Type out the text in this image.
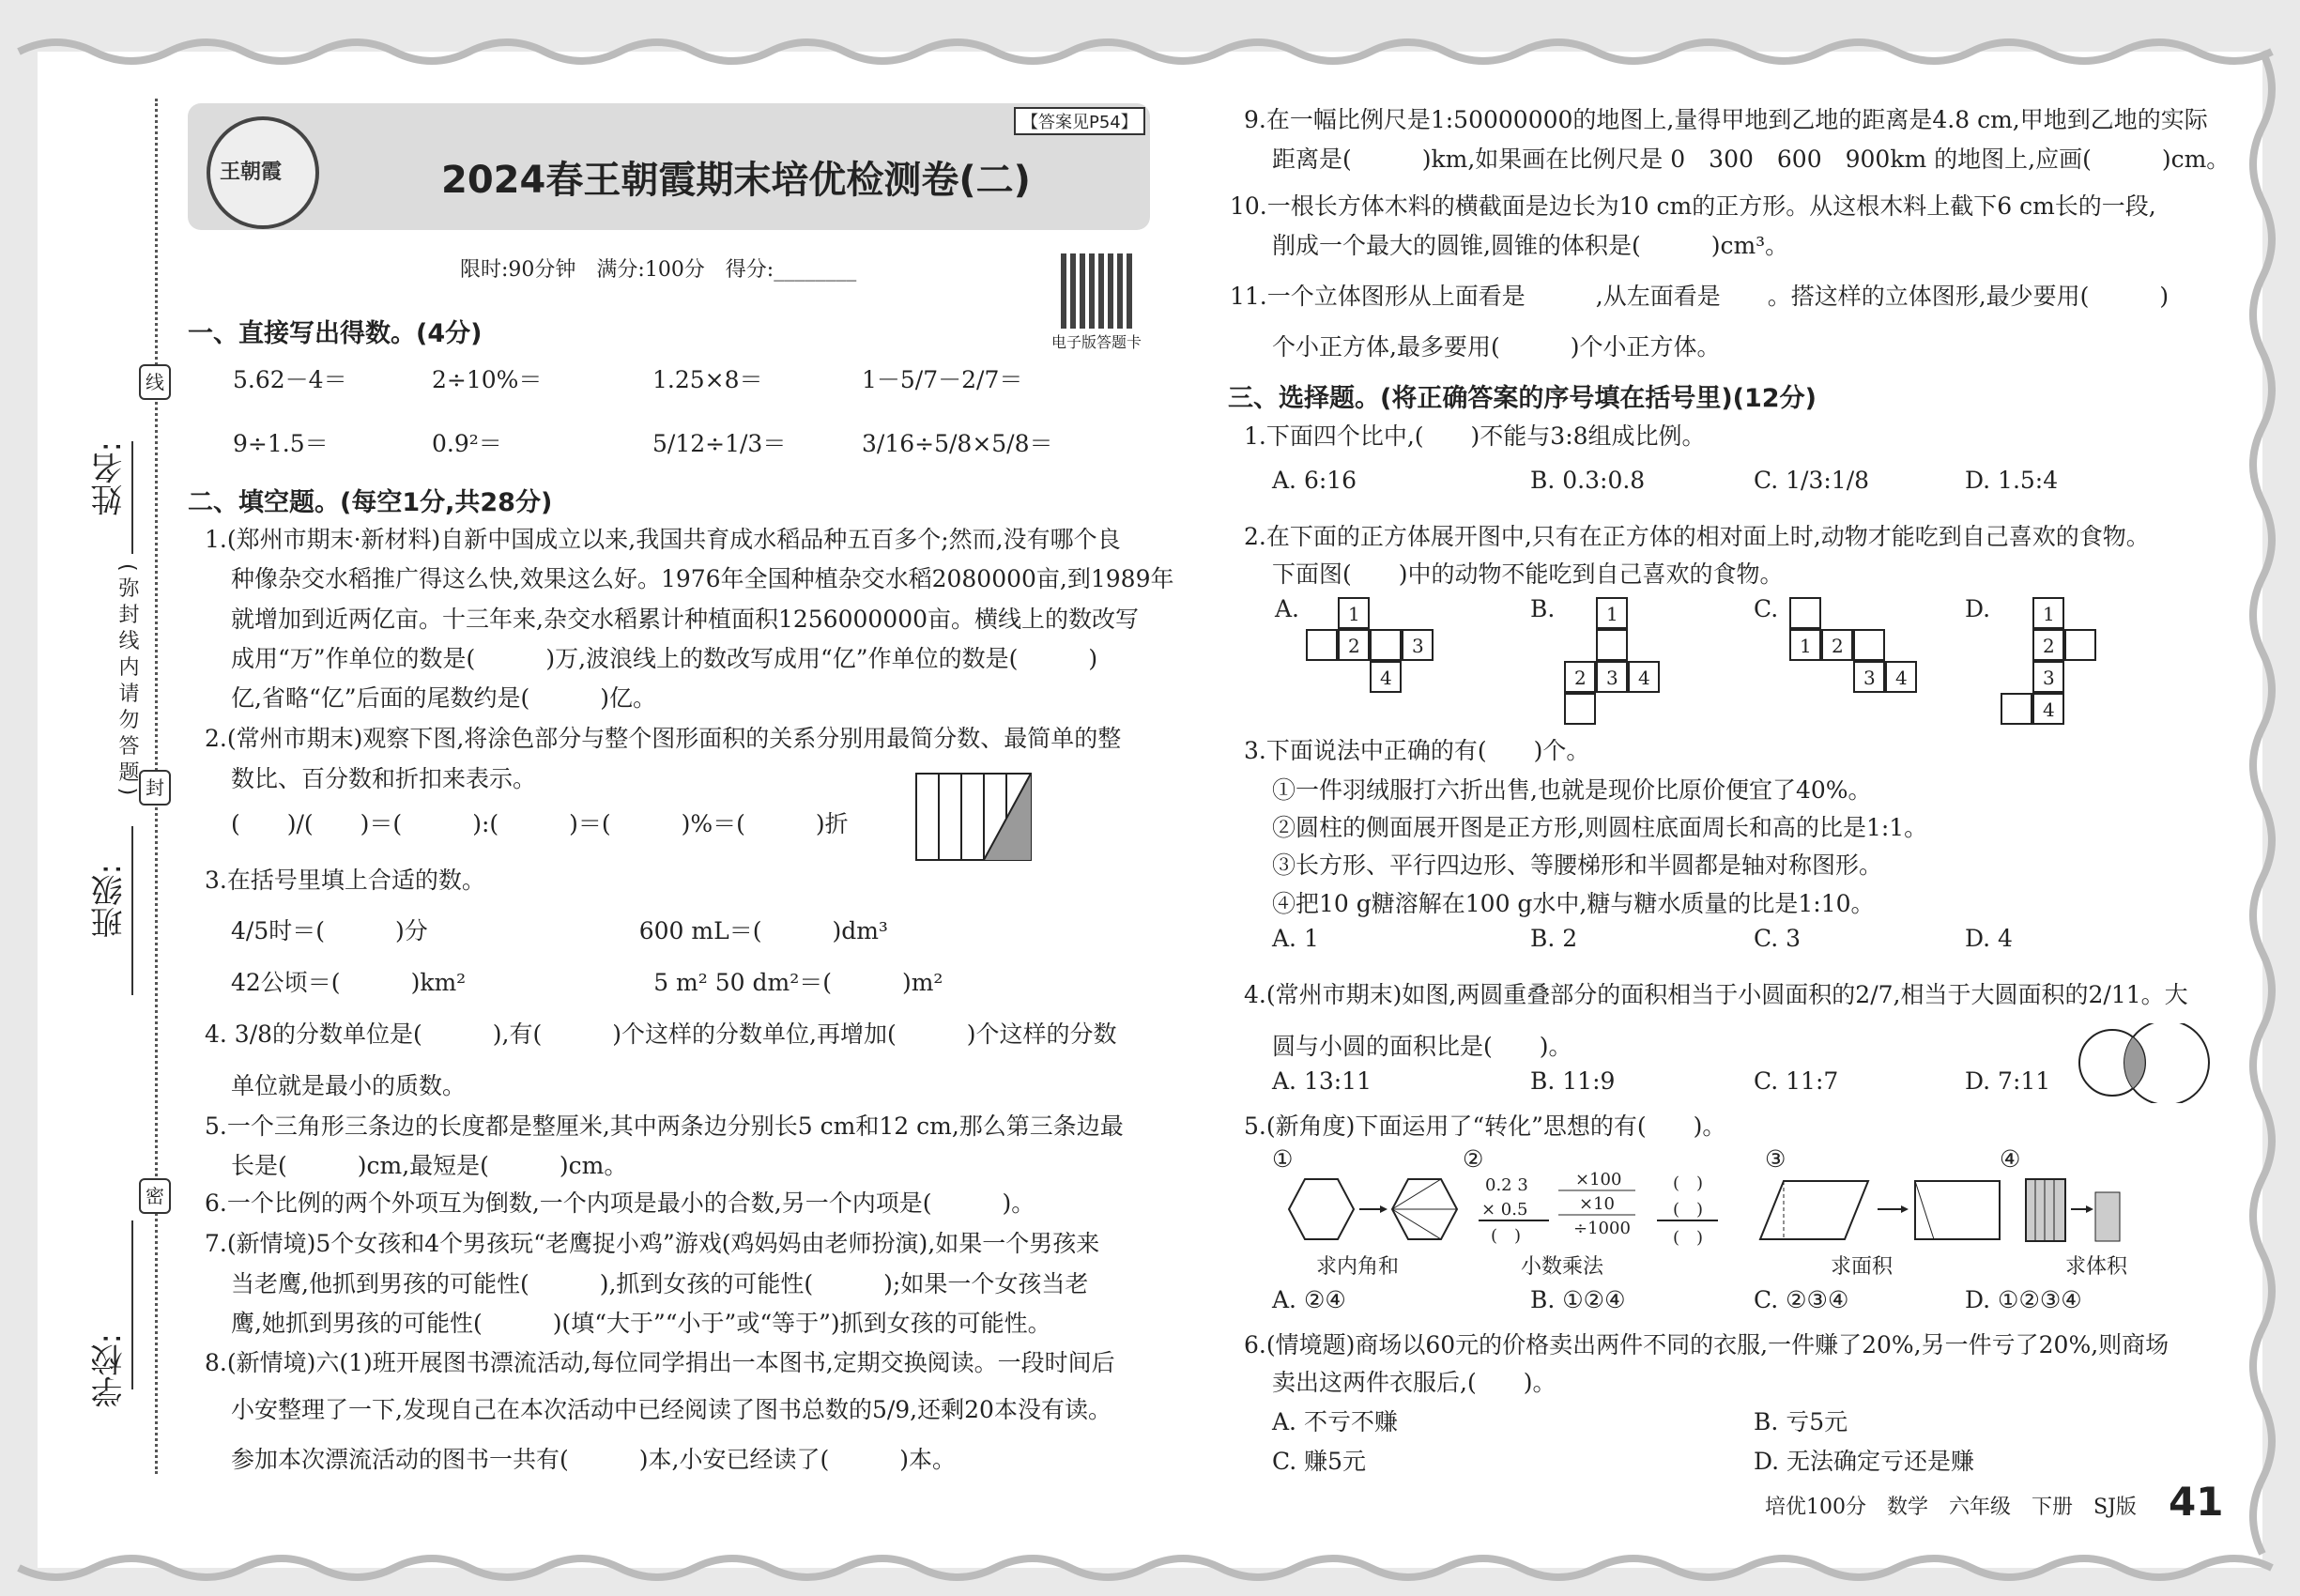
姓名:
班级:
学校:
(弥封线内请勿答题)
线
封
密
王朝霞	2024春王朝霞期末培优检测卷(二)
【答案见P54】
限时:90分钟　满分:100分　得分:________
电子版答题卡
一、直接写出得数。(4分)
5.62－4＝	2÷10%＝	1.25×8＝	1－5/7－2/7＝
9÷1.5＝	0.9²＝	5/12÷1/3＝	3/16÷5/8×5/8＝
二、填空题。(每空1分,共28分)
1.(郑州市期末·新材料)自新中国成立以来,我国共育成水稻品种五百多个;然而,没有哪个良
种像杂交水稻推广得这么快,效果这么好。1976年全国种植杂交水稻2080000亩,到1989年
就增加到近两亿亩。十三年来,杂交水稻累计种植面积1256000000亩。横线上的数改写
成用“万”作单位的数是(　　　)万,波浪线上的数改写成用“亿”作单位的数是(　　　)
亿,省略“亿”后面的尾数约是(　　　)亿。
2.(常州市期末)观察下图,将涂色部分与整个图形面积的关系分别用最简分数、最简单的整
数比、百分数和折扣来表示。
(　　)/(　　)＝(　　　):(　　　)＝(　　　)%＝(　　　)折
3.在括号里填上合适的数。
4/5时＝(　　　)分　　　　　　　　　600 mL＝(　　　)dm³
42公顷＝(　　　)km²　　　　　　　　5 m² 50 dm²＝(　　　)m²
4. 3/8的分数单位是(　　　),有(　　　)个这样的分数单位,再增加(　　　)个这样的分数
单位就是最小的质数。
5.一个三角形三条边的长度都是整厘米,其中两条边分别长5 cm和12 cm,那么第三条边最
长是(　　　)cm,最短是(　　　)cm。
6.一个比例的两个外项互为倒数,一个内项是最小的合数,另一个内项是(　　　)。
7.(新情境)5个女孩和4个男孩玩“老鹰捉小鸡”游戏(鸡妈妈由老师扮演),如果一个男孩来
当老鹰,他抓到男孩的可能性(　　　),抓到女孩的可能性(　　　);如果一个女孩当老
鹰,她抓到男孩的可能性(　　　)(填“大于”“小于”或“等于”)抓到女孩的可能性。
8.(新情境)六(1)班开展图书漂流活动,每位同学捐出一本图书,定期交换阅读。一段时间后
小安整理了一下,发现自己在本次活动中已经阅读了图书总数的5/9,还剩20本没有读。
参加本次漂流活动的图书一共有(　　　)本,小安已经读了(　　　)本。
9.在一幅比例尺是1:50000000的地图上,量得甲地到乙地的距离是4.8 cm,甲地到乙地的实际
距离是(　　　)km,如果画在比例尺是 0　300　600　900km 的地图上,应画(　　　)cm。
10.一根长方体木料的横截面是边长为10 cm的正方形。从这根木料上截下6 cm长的一段,
削成一个最大的圆锥,圆锥的体积是(　　　)cm³。
11.一个立体图形从上面看是　　　,从左面看是　　。搭这样的立体图形,最少要用(　　　)
个小正方体,最多要用(　　　)个小正方体。
三、选择题。(将正确答案的序号填在括号里)(12分)
1.下面四个比中,(　　)不能与3:8组成比例。
A. 6:16	B. 0.3:0.8	C. 1/3:1/8	D. 1.5:4
2.在下面的正方体展开图中,只有在正方体的相对面上时,动物才能吃到自己喜欢的食物。
下面图(　　)中的动物不能吃到自己喜欢的食物。
A.	B.	C.	D.
1
2	3
4
1
2 3 4
1 2
3 4
1
2
3
4
3.下面说法中正确的有(　　)个。
①一件羽绒服打六折出售,也就是现价比原价便宜了40%。
②圆柱的侧面展开图是正方形,则圆柱底面周长和高的比是1:1。
③长方形、平行四边形、等腰梯形和半圆都是轴对称图形。
④把10 g糖溶解在100 g水中,糖与糖水质量的比是1:10。
A. 1	B. 2	C. 3	D. 4
4.(常州市期末)如图,两圆重叠部分的面积相当于小圆面积的2/7,相当于大圆面积的2/11。大
圆与小圆的面积比是(　　)。
A. 13:11	B. 11:9	C. 11:7	D. 7:11
5.(新角度)下面运用了“转化”思想的有(　　)。
①	②	③	④
0.2 3
× 0.5
(　)
×100
×10
÷1000
(　)
(　)
(　)
求内角和	小数乘法	求面积	求体积
A. ②④	B. ①②④	C. ②③④	D. ①②③④
6.(情境题)商场以60元的价格卖出两件不同的衣服,一件赚了20%,另一件亏了20%,则商场
卖出这两件衣服后,(　　)。
A. 不亏不赚	B. 亏5元
C. 赚5元	D. 无法确定亏还是赚
培优100分　数学　六年级　下册　SJ版 41
